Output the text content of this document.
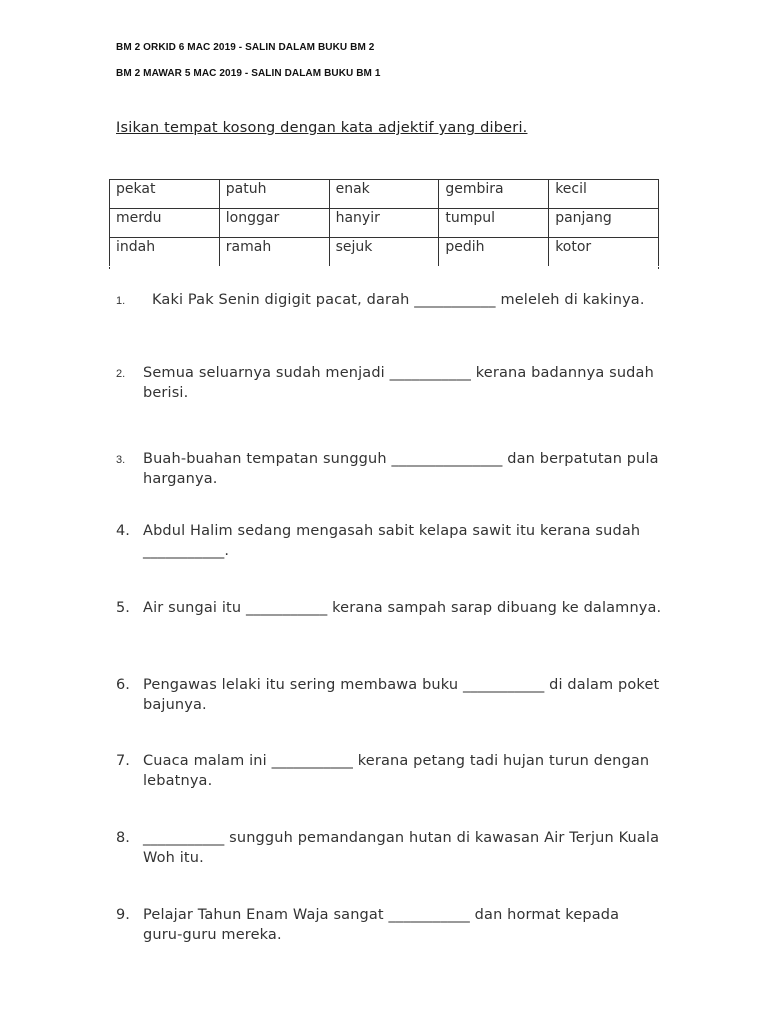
BM 2 ORKID 6 MAC 2019 - SALIN DALAM BUKU BM 2
BM 2 MAWAR 5 MAC 2019 - SALIN DALAM BUKU BM 1
Isikan tempat kosong dengan kata adjektif yang diberi.
pekat	patuh	enak	gembira	kecil
merdu	longgar	hanyir	tumpul	panjang
indah	ramah	sejuk	pedih	kotor
1.	Kaki Pak Senin digigit pacat, darah ___________ meleleh di kakinya.
2. Semua seluarnya sudah menjadi ___________ kerana badannya sudah berisi.
3. Buah-buahan tempatan sungguh _______________ dan berpatutan pula harganya.
4. Abdul Halim sedang mengasah sabit kelapa sawit itu kerana sudah ___________.
5. Air sungai itu ___________ kerana sampah sarap dibuang ke dalamnya.
6. Pengawas lelaki itu sering membawa buku ___________ di dalam poket bajunya.
7. Cuaca malam ini ___________ kerana petang tadi hujan turun dengan lebatnya.
8. ___________ sungguh pemandangan hutan di kawasan Air Terjun Kuala Woh itu.
9. Pelajar Tahun Enam Waja sangat ___________ dan hormat kepada guru-guru mereka.
